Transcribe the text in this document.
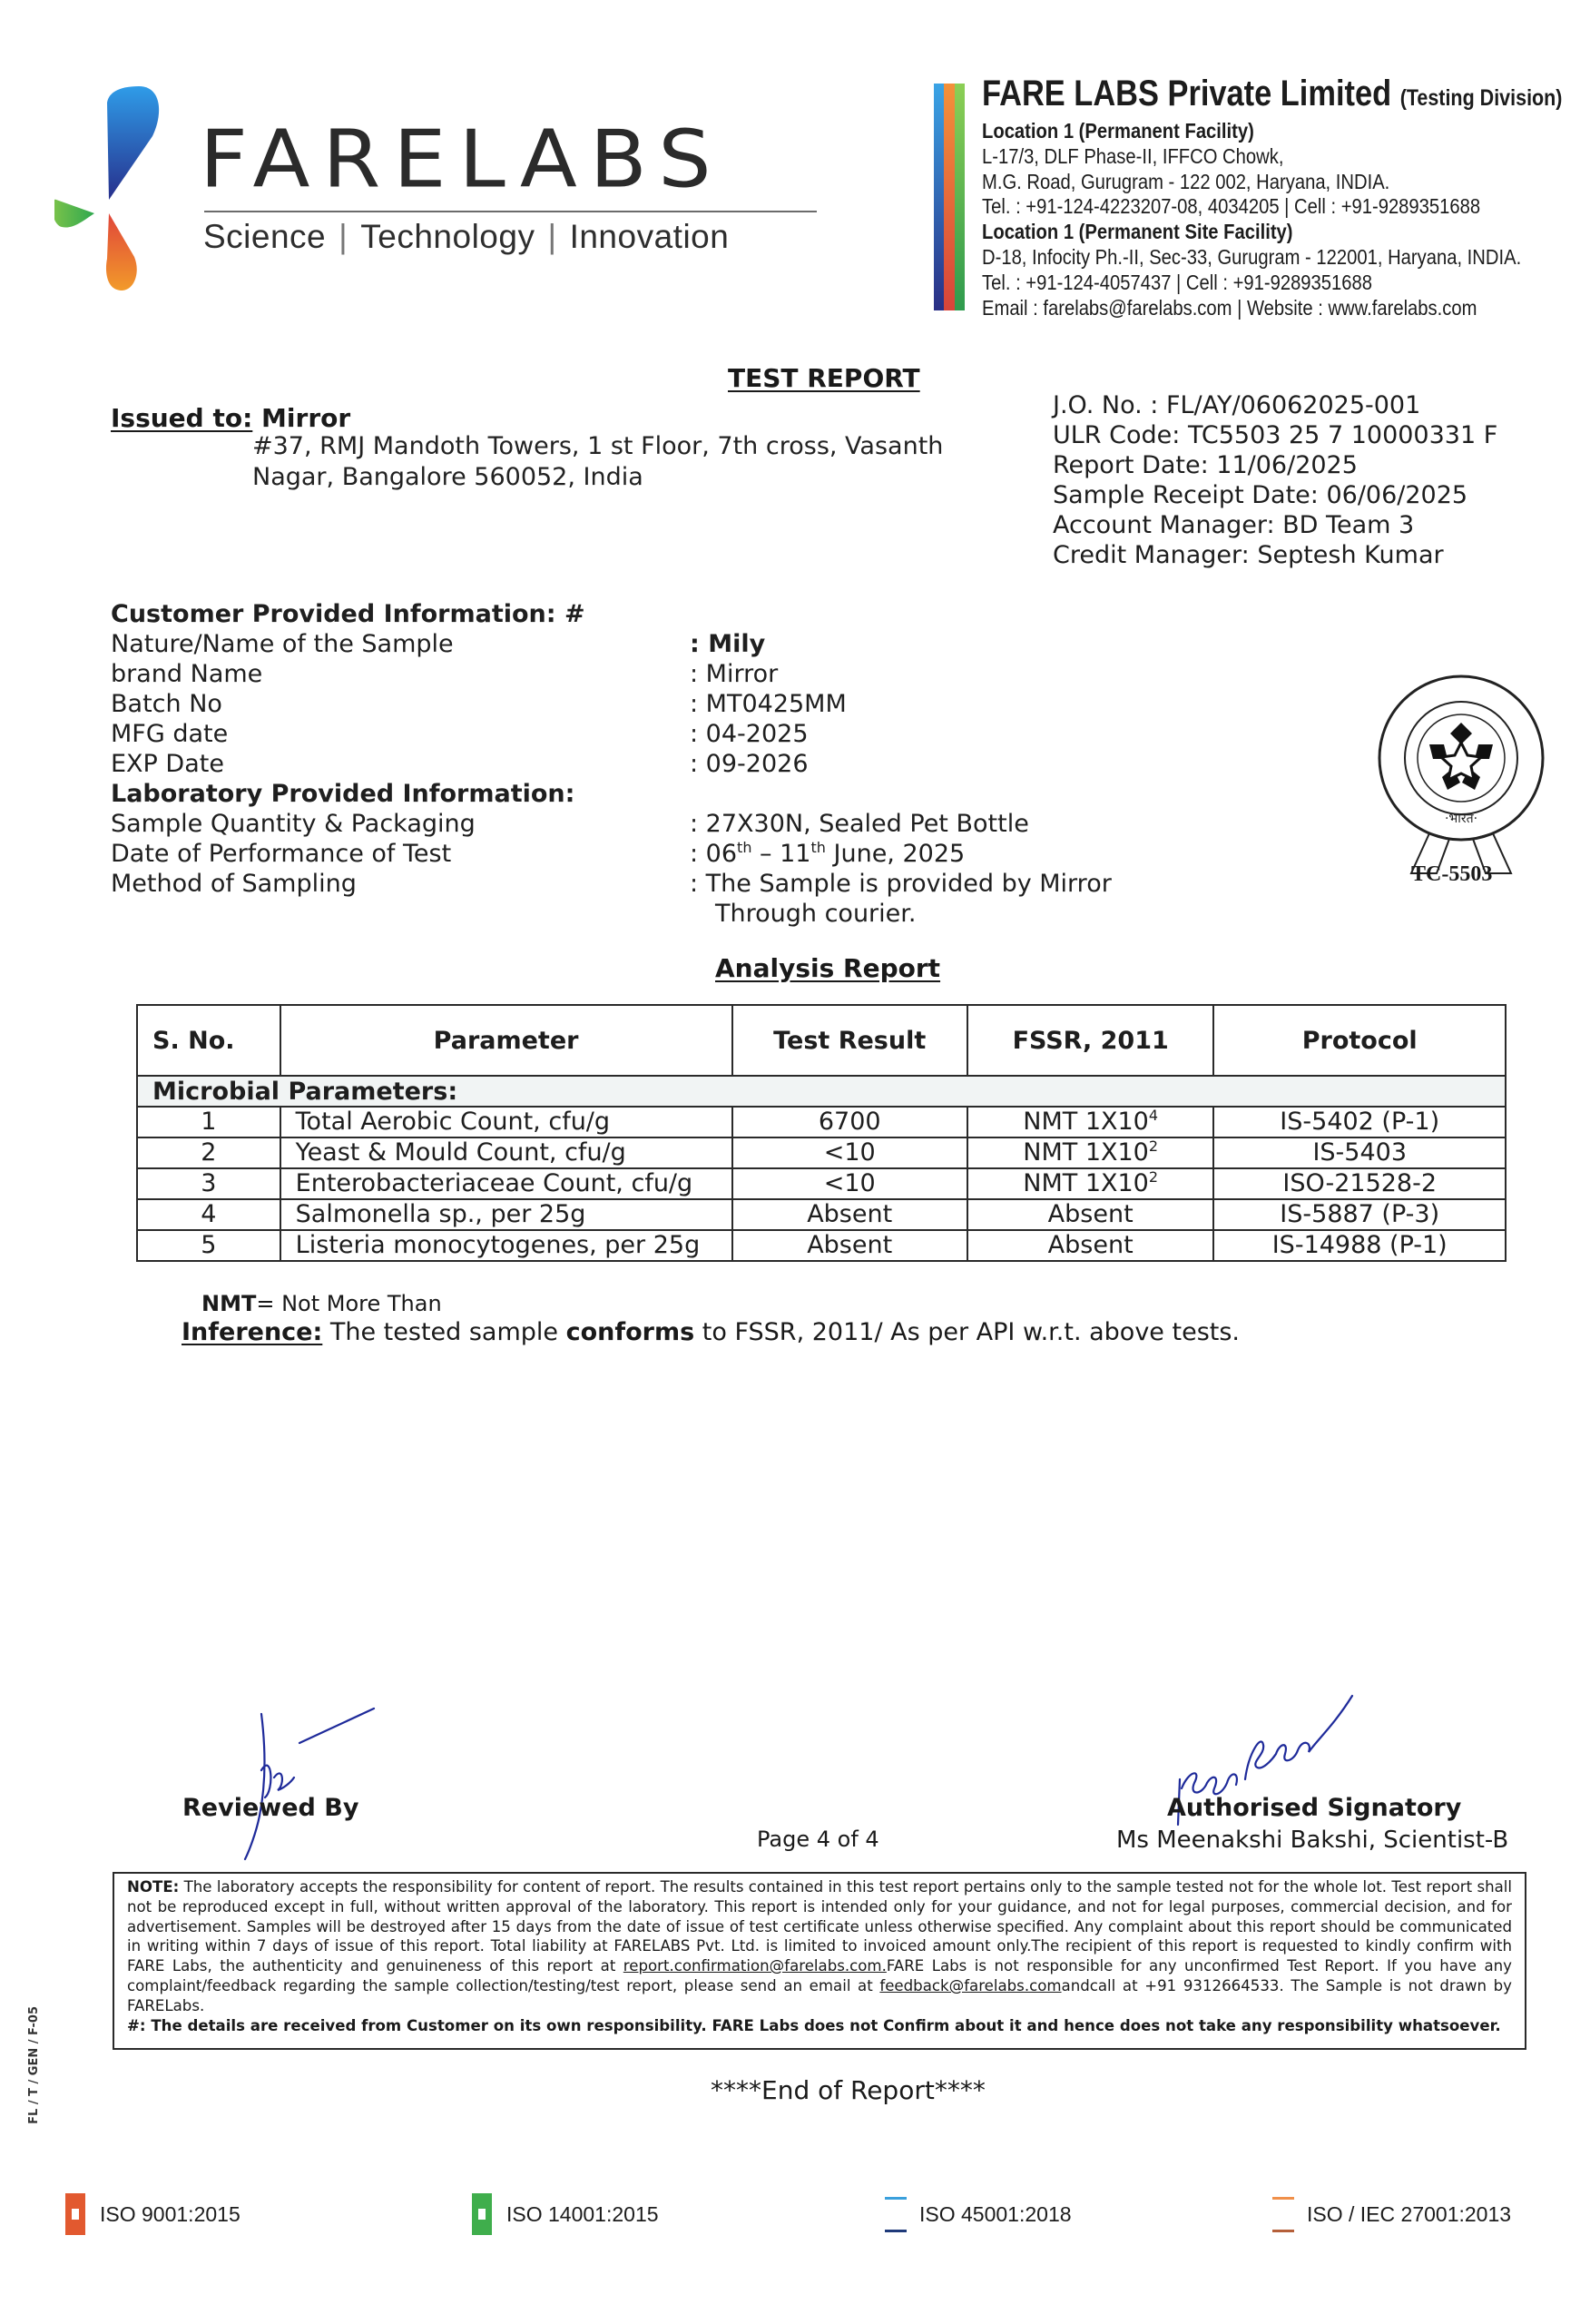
FARELABS
Science | Technology | Innovation
FARE LABS Private Limited (Testing Division)
Location 1 (Permanent Facility)
L-17/3, DLF Phase-II, IFFCO Chowk,
M.G. Road, Gurugram - 122 002, Haryana, INDIA.
Tel. : +91-124-4223207-08, 4034205 | Cell : +91-9289351688
Location 1 (Permanent Site Facility)
D-18, Infocity Ph.-II, Sec-33, Gurugram - 122001, Haryana, INDIA.
Tel. : +91-124-4057437 | Cell : +91-9289351688
Email : farelabs@farelabs.com | Website : www.farelabs.com
TEST REPORT
Issued to: Mirror
#37, RMJ Mandoth Towers, 1 st Floor, 7th cross, Vasanth
Nagar, Bangalore 560052, India
J.O. No. : FL/AY/06062025-001
ULR Code: TC5503 25 7 10000331 F
Report Date: 11/06/2025
Sample Receipt Date: 06/06/2025
Account Manager: BD Team 3
Credit Manager: Septesh Kumar
Customer Provided Information: #
Nature/Name of the Sample	: Mily
brand Name	: Mirror
Batch No	: MT0425MM
MFG date	: 04-2025
EXP Date	: 09-2026
Laboratory Provided Information:
Sample Quantity & Packaging	: 27X30N, Sealed Pet Bottle
Date of Performance of Test	: 06th – 11th June, 2025
Method of Sampling	: The Sample is provided by Mirror
Through courier.
·भारत·
TC-5503
Analysis Report
S. No.	Parameter	Test Result	FSSR, 2011	Protocol
Microbial Parameters:				
1	Total Aerobic Count, cfu/g	6700	NMT $1X10^4$	IS-5402 (P-1)
2	Yeast & Mould Count, cfu/g	<10	NMT $1X10^2$	IS-5403
3	Enterobacteriaceae Count, cfu/g	<10	NMT $1X10^2$	ISO-21528-2
4	Salmonella sp., per 25g	Absent	Absent	IS-5887 (P-3)
5	Listeria monocytogenes, per 25g	Absent	Absent	IS-14988 (P-1)
NMT= Not More Than
Inference: The tested sample conforms to FSSR, 2011/ As per API w.r.t. above tests.
Reviewed By
Page 4 of 4
Authorised Signatory
Ms Meenakshi Bakshi, Scientist-B
NOTE: The laboratory accepts the responsibility for content of report. The results contained in this test report pertains only to the sample tested not for the whole lot. Test report shall not be reproduced except in full, without written approval of the laboratory. This report is intended only for your guidance, and not for legal purposes, commercial decision, and for advertisement. Samples will be destroyed after 15 days from the date of issue of test certificate unless otherwise specified. Any complaint about this report should be communicated in writing within 7 days of issue of this report. Total liability at FARELABS Pvt. Ltd. is limited to invoiced amount only.The recipient of this report is requested to kindly confirm with FARE Labs, the authenticity and genuineness of this report at report.confirmation@farelabs.com.FARE Labs is not responsible for any unconfirmed Test Report. If you have any complaint/feedback regarding the sample collection/testing/test report, please send an email at feedback@farelabs.comandcall at +91 9312664533. The Sample is not drawn by FARELabs.
#: The details are received from Customer on its own responsibility. FARE Labs does not Confirm about it and hence does not take any responsibility whatsoever.
FL / T / GEN / F-05	****End of Report****
ISO 9001:2015	ISO 14001:2015	ISO 45001:2018	ISO / IEC 27001:2013
